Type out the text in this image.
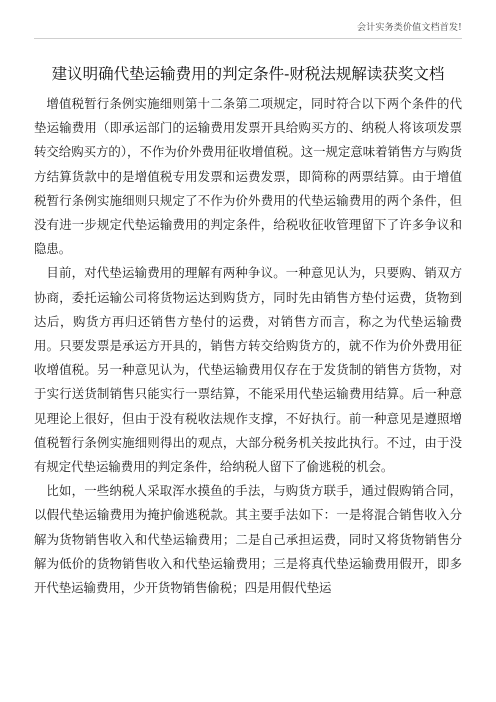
会计实务类价值文档首发!
建议明确代垫运输费用的判定条件-财税法规解读获奖文档

增值税暂行条例实施细则第十二条第二项规定，同时符合以下两个条件的代垫运输费用（即承运部门的运输费用发票开具给购买方的、纳税人将该项发票转交给购买方的），不作为价外费用征收增值税。这一规定意味着销售方与购货方结算货款中的是增值税专用发票和运费发票，即简称的两票结算。由于增值税暂行条例实施细则只规定了不作为价外费用的代垫运输费用的两个条件，但没有进一步规定代垫运输费用的判定条件，给税收征收管理留下了许多争议和隐患。

目前，对代垫运输费用的理解有两种争议。一种意见认为，只要购、销双方协商，委托运输公司将货物运达到购货方，同时先由销售方垫付运费，货物到达后，购货方再归还销售方垫付的运费，对销售方而言，称之为代垫运输费用。只要发票是承运方开具的，销售方转交给购货方的，就不作为价外费用征收增值税。另一种意见认为，代垫运输费用仅存在于发货制的销售方货物，对于实行送货制销售只能实行一票结算，不能采用代垫运输费用结算。后一种意见理论上很好，但由于没有税收法规作支撑，不好执行。前一种意见是遵照增值税暂行条例实施细则得出的观点，大部分税务机关按此执行。不过，由于没有规定代垫运输费用的判定条件，给纳税人留下了偷逃税的机会。

比如，一些纳税人采取浑水摸鱼的手法，与购货方联手，通过假购销合同，以假代垫运输费用为掩护偷逃税款。其主要手法如下：一是将混合销售收入分解为货物销售收入和代垫运输费用；二是自己承担运费，同时又将货物销售分解为低价的货物销售收入和代垫运输费用；三是将真代垫运输费用假开，即多开代垫运输费用，少开货物销售偷税；四是用假代垫运
